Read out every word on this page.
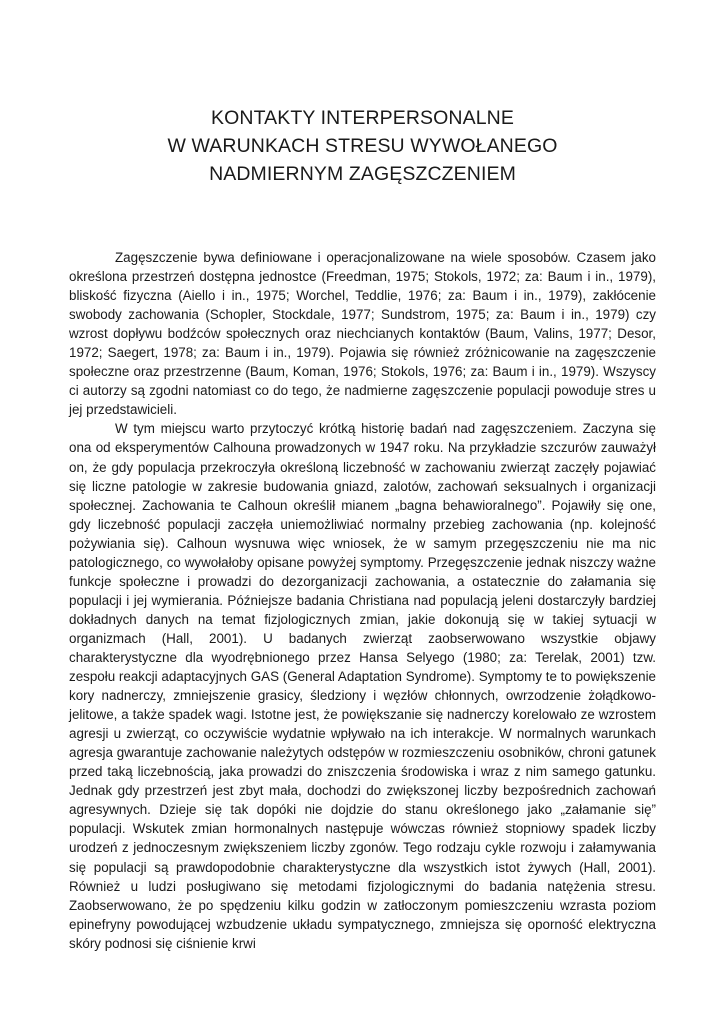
KONTAKTY INTERPERSONALNE
W WARUNKACH STRESU WYWOŁANEGO
NADMIERNYM ZAGĘSZCZENIEM

Zagęszczenie bywa definiowane i operacjonalizowane na wiele sposobów. Czasem jako określona przestrzeń dostępna jednostce (Freedman, 1975; Stokols, 1972; za: Baum i in., 1979), bliskość fizyczna (Aiello i in., 1975; Worchel, Teddlie, 1976; za: Baum i in., 1979), zakłócenie swobody zachowania (Schopler, Stockdale, 1977; Sundstrom, 1975; za: Baum i in., 1979) czy wzrost dopływu bodźców społecznych oraz niechcianych kontaktów (Baum, Valins, 1977; Desor, 1972; Saegert, 1978; za: Baum i in., 1979). Pojawia się również zróżnicowanie na zagęszczenie społeczne oraz przestrzenne (Baum, Koman, 1976; Stokols, 1976; za: Baum i in., 1979). Wszyscy ci autorzy są zgodni natomiast co do tego, że nadmierne zagęszczenie populacji powoduje stres u jej przedstawicieli.

W tym miejscu warto przytoczyć krótką historię badań nad zagęszczeniem. Zaczyna się ona od eksperymentów Calhouna prowadzonych w 1947 roku. Na przykładzie szczurów zauważył on, że gdy populacja przekroczyła określoną liczebność w zachowaniu zwierząt zaczęły pojawiać się liczne patologie w zakresie budowania gniazd, zalotów, zachowań seksualnych i organizacji społecznej. Zachowania te Calhoun określił mianem „bagna behawioralnego”. Pojawiły się one, gdy liczebność populacji zaczęła uniemożliwiać normalny przebieg zachowania (np. kolejność pożywiania się). Calhoun wysnuwa więc wniosek, że w samym przegęszczeniu nie ma nic patologicznego, co wywołałoby opisane powyżej symptomy. Przegęszczenie jednak niszczy ważne funkcje społeczne i prowadzi do dezorganizacji zachowania, a ostatecznie do załamania się populacji i jej wymierania. Późniejsze badania Christiana nad populacją jeleni dostarczyły bardziej dokładnych danych na temat fizjologicznych zmian, jakie dokonują się w takiej sytuacji w organizmach (Hall, 2001). U badanych zwierząt zaobserwowano wszystkie objawy charakterystyczne dla wyodrębnionego przez Hansa Selyego (1980; za: Terelak, 2001) tzw. zespołu reakcji adaptacyjnych GAS (General Adaptation Syndrome). Symptomy te to powiększenie kory nadnerczy, zmniejszenie grasicy, śledziony i węzłów chłonnych, owrzodzenie żołądkowo-jelitowe, a także spadek wagi. Istotne jest, że powiększanie się nadnerczy korelowało ze wzrostem agresji u zwierząt, co oczywiście wydatnie wpływało na ich interakcje. W normalnych warunkach agresja gwarantuje zachowanie należytych odstępów w rozmieszczeniu osobników, chroni gatunek przed taką liczebnością, jaka prowadzi do zniszczenia środowiska i wraz z nim samego gatunku. Jednak gdy przestrzeń jest zbyt mała, dochodzi do zwiększonej liczby bezpośrednich zachowań agresywnych. Dzieje się tak dopóki nie dojdzie do stanu określonego jako „załamanie się” populacji. Wskutek zmian hormonalnych następuje wówczas również stopniowy spadek liczby urodzeń z jednoczesnym zwiększeniem liczby zgonów. Tego rodzaju cykle rozwoju i załamywania się populacji są prawdopodobnie charakterystyczne dla wszystkich istot żywych (Hall, 2001). Również u ludzi posługiwano się metodami fizjologicznymi do badania natężenia stresu. Zaobserwowano, że po spędzeniu kilku godzin w zatłoczonym pomieszczeniu wzrasta poziom epinefryny powodującej wzbudzenie układu sympatycznego, zmniejsza się oporność elektryczna skóry podnosi się ciśnienie krwi
